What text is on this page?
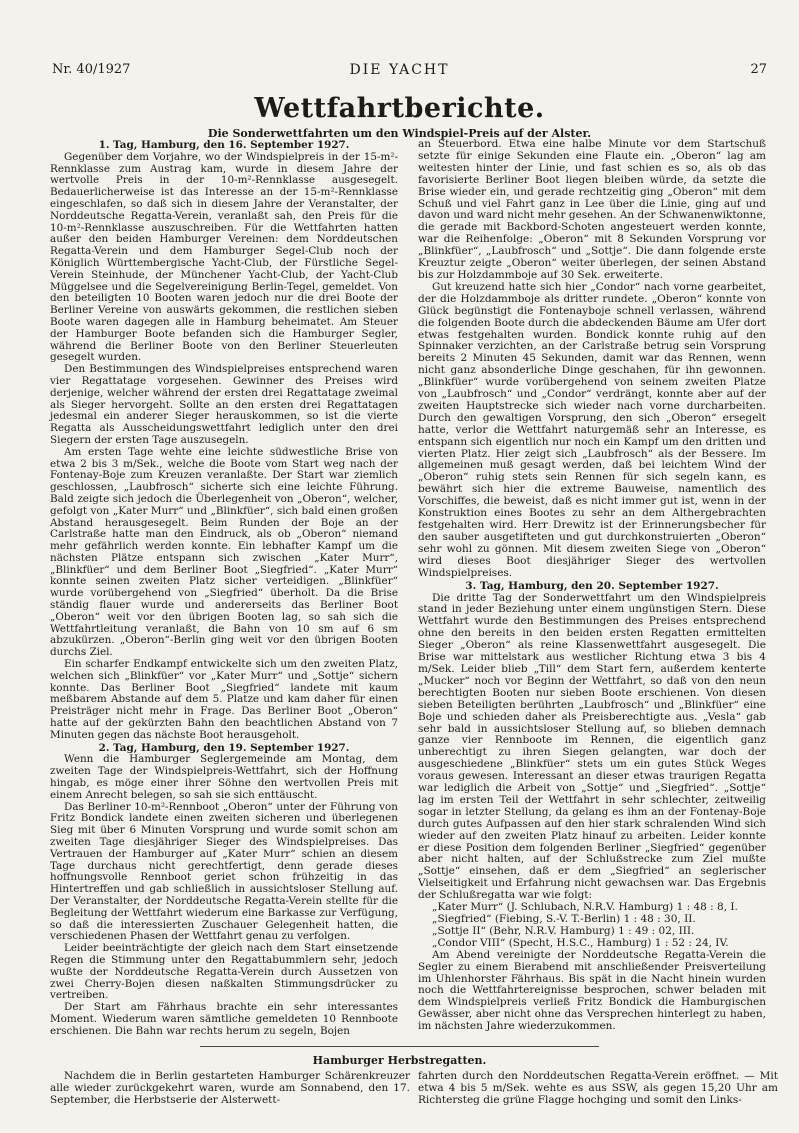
Nr. 40/1927	DIE YACHT	27
Wettfahrtberichte.
Die Sonderwettfahrten um den Windspiel-Preis auf der Alster.
1. Tag, Hamburg, den 16. September 1927.

Gegenüber dem Vorjahre, wo der Windspielpreis in der 15-m²-Rennklasse zum Austrag kam, wurde in diesem Jahre der wertvolle Preis in der 10-m²-Rennklasse ausgesegelt. Bedauerlicherweise ist das Interesse an der 15-m²-Rennklasse eingeschlafen, so daß sich in diesem Jahre der Veranstalter, der Norddeutsche Regatta-Verein, veranlaßt sah, den Preis für die 10-m²-Rennklasse auszuschreiben. Für die Wettfahrten hatten außer den beiden Hamburger Vereinen: dem Norddeutschen Regatta-Verein und dem Hamburger Segel-Club noch der Königlich Württembergische Yacht-Club, der Fürstliche Segel-Verein Steinhude, der Münchener Yacht-Club, der Yacht-Club Müggelsee und die Segelvereinigung Berlin-Tegel, gemeldet. Von den beteiligten 10 Booten waren jedoch nur die drei Boote der Berliner Vereine von auswärts gekommen, die restlichen sieben Boote waren dagegen alle in Hamburg beheimatet. Am Steuer der Hamburger Boote befanden sich die Hamburger Segler, während die Berliner Boote von den Berliner Steuerleuten gesegelt wurden.

Den Bestimmungen des Windspielpreises entsprechend waren vier Regattatage vorgesehen. Gewinner des Preises wird derjenige, welcher während der ersten drei Regattatage zweimal als Sieger hervorgeht. Sollte an den ersten drei Regattatagen jedesmal ein anderer Sieger herauskommen, so ist die vierte Regatta als Ausscheidungswettfahrt lediglich unter den drei Siegern der ersten Tage auszusegeln.

Am ersten Tage wehte eine leichte südwestliche Brise von etwa 2 bis 3 m/Sek., welche die Boote vom Start weg nach der Fontenay-Boje zum Kreuzen veranlaßte. Der Start war ziemlich geschlossen, „Laubfrosch“ sicherte sich eine leichte Führung. Bald zeigte sich jedoch die Überlegenheit von „Oberon“, welcher, gefolgt von „Kater Murr“ und „Blinkfüer“, sich bald einen großen Abstand herausgesegelt. Beim Runden der Boje an der Carlstraße hatte man den Eindruck, als ob „Oberon“ niemand mehr gefährlich werden konnte. Ein lebhafter Kampf um die nächsten Plätze entspann sich zwischen „Kater Murr“, „Blinkfüer“ und dem Berliner Boot „Siegfried“. „Kater Murr“ konnte seinen zweiten Platz sicher verteidigen. „Blinkfüer“ wurde vorübergehend von „Siegfried“ überholt. Da die Brise ständig flauer wurde und andererseits das Berliner Boot „Oberon“ weit vor den übrigen Booten lag, so sah sich die Wettfahrtleitung veranlaßt, die Bahn von 10 sm auf 6 sm abzukürzen. „Oberon“-Berlin ging weit vor den übrigen Booten durchs Ziel.

Ein scharfer Endkampf entwickelte sich um den zweiten Platz, welchen sich „Blinkfüer“ vor „Kater Murr“ und „Sottje“ sichern konnte. Das Berliner Boot „Siegfried“ landete mit kaum meßbarem Abstande auf dem 5. Platze und kam daher für einen Preisträger nicht mehr in Frage. Das Berliner Boot „Oberon“ hatte auf der gekürzten Bahn den beachtlichen Abstand von 7 Minuten gegen das nächste Boot herausgeholt.

2. Tag, Hamburg, den 19. September 1927.

Wenn die Hamburger Seglergemeinde am Montag, dem zweiten Tage der Windspielpreis-Wettfahrt, sich der Hoffnung hingab, es möge einer ihrer Söhne den wertvollen Preis mit einem Anrecht belegen, so sah sie sich enttäuscht.

Das Berliner 10-m²-Rennboot „Oberon“ unter der Führung von Fritz Bondick landete einen zweiten sicheren und überlegenen Sieg mit über 6 Minuten Vorsprung und wurde somit schon am zweiten Tage diesjähriger Sieger des Windspielpreises. Das Vertrauen der Hamburger auf „Kater Murr“ schien an diesem Tage durchaus nicht gerechtfertigt, denn gerade dieses hoffnungsvolle Rennboot geriet schon frühzeitig in das Hintertreffen und gab schließlich in aussichtsloser Stellung auf. Der Veranstalter, der Norddeutsche Regatta-Verein stellte für die Begleitung der Wettfahrt wiederum eine Barkasse zur Verfügung, so daß die interessierten Zuschauer Gelegenheit hatten, die verschiedenen Phasen der Wettfahrt genau zu verfolgen.

Leider beeinträchtigte der gleich nach dem Start einsetzende Regen die Stimmung unter den Regattabummlern sehr, jedoch wußte der Norddeutsche Regatta-Verein durch Aussetzen von zwei Cherry-Bojen diesen naßkalten Stimmungsdrücker zu vertreiben.

Der Start am Fährhaus brachte ein sehr interessantes Moment. Wiederum waren sämtliche gemeldeten 10 Rennboote erschienen. Die Bahn war rechts herum zu segeln, Bojen

an Steuerbord. Etwa eine halbe Minute vor dem Startschuß setzte für einige Sekunden eine Flaute ein. „Oberon“ lag am weitesten hinter der Linie, und fast schien es so, als ob das favorisierte Berliner Boot liegen bleiben würde, da setzte die Brise wieder ein, und gerade rechtzeitig ging „Oberon“ mit dem Schuß und viel Fahrt ganz in Lee über die Linie, ging auf und davon und ward nicht mehr gesehen. An der Schwanenwiktonne, die gerade mit Backbord-Schoten angesteuert werden konnte, war die Reihenfolge: „Oberon“ mit 8 Sekunden Vorsprung vor „Blinkfüer“, „Laubfrosch“ und „Sottje“. Die dann folgende erste Kreuztur zeigte „Oberon“ weiter überlegen, der seinen Abstand bis zur Holzdammboje auf 30 Sek. erweiterte.

Gut kreuzend hatte sich hier „Condor“ nach vorne gearbeitet, der die Holzdammboje als dritter rundete. „Oberon“ konnte von Glück begünstigt die Fontenayboje schnell verlassen, während die folgenden Boote durch die abdeckenden Bäume am Ufer dort etwas festgehalten wurden. Bondick konnte ruhig auf den Spinnaker verzichten, an der Carlstraße betrug sein Vorsprung bereits 2 Minuten 45 Sekunden, damit war das Rennen, wenn nicht ganz absonderliche Dinge geschahen, für ihn gewonnen. „Blinkfüer“ wurde vorübergehend von seinem zweiten Platze von „Laubfrosch“ und „Condor“ verdrängt, konnte aber auf der zweiten Hauptstrecke sich wieder nach vorne durcharbeiten. Durch den gewaltigen Vorsprung, den sich „Oberon“ ersegelt hatte, verlor die Wettfahrt naturgemäß sehr an Interesse, es entspann sich eigentlich nur noch ein Kampf um den dritten und vierten Platz. Hier zeigt sich „Laubfrosch“ als der Bessere. Im allgemeinen muß gesagt werden, daß bei leichtem Wind der „Oberon“ ruhig stets sein Rennen für sich segeln kann, es bewährt sich hier die extreme Bauweise, namentlich des Vorschiffes, die beweist, daß es nicht immer gut ist, wenn in der Konstruktion eines Bootes zu sehr an dem Althergebrachten festgehalten wird. Herr Drewitz ist der Erinnerungsbecher für den sauber ausgetifteten und gut durchkonstruierten „Oberon“ sehr wohl zu gönnen. Mit diesem zweiten Siege von „Oberon“ wird dieses Boot diesjähriger Sieger des wertvollen Windspielpreises.

3. Tag, Hamburg, den 20. September 1927.

Die dritte Tag der Sonderwettfahrt um den Windspielpreis stand in jeder Beziehung unter einem ungünstigen Stern. Diese Wettfahrt wurde den Bestimmungen des Preises entsprechend ohne den bereits in den beiden ersten Regatten ermittelten Sieger „Oberon“ als reine Klassenwettfahrt ausgesegelt. Die Brise war mittelstark aus westlicher Richtung etwa 3 bis 4 m/Sek. Leider blieb „Till“ dem Start fern, außerdem kenterte „Mucker“ noch vor Beginn der Wettfahrt, so daß von den neun berechtigten Booten nur sieben Boote erschienen. Von diesen sieben Beteiligten berührten „Laubfrosch“ und „Blinkfüer“ eine Boje und schieden daher als Preisberechtigte aus. „Vesla“ gab sehr bald in aussichtsloser Stellung auf, so blieben demnach ganze vier Rennboote im Rennen, die eigentlich ganz unberechtigt zu ihren Siegen gelangten, war doch der ausgeschiedene „Blinkfüer“ stets um ein gutes Stück Weges voraus gewesen. Interessant an dieser etwas traurigen Regatta war lediglich die Arbeit von „Sottje“ und „Siegfried“. „Sottje“ lag im ersten Teil der Wettfahrt in sehr schlechter, zeitweilig sogar in letzter Stellung, da gelang es ihm an der Fontenay-Boje durch gutes Aufpassen auf den hier stark schralenden Wind sich wieder auf den zweiten Platz hinauf zu arbeiten. Leider konnte er diese Position dem folgenden Berliner „Siegfried“ gegenüber aber nicht halten, auf der Schlußstrecke zum Ziel mußte „Sottje“ einsehen, daß er dem „Siegfried“ an seglerischer Vielseitigkeit und Erfahrung nicht gewachsen war. Das Ergebnis der Schlußregatta war wie folgt:

„Kater Murr“ (J. Schlubach, N.R.V. Hamburg) 1 : 48 : 8, I.
„Siegfried“ (Fiebing, S.-V. T.-Berlin) 1 : 48 : 30, II.
„Sottje II“ (Behr, N.R.V. Hamburg) 1 : 49 : 02, III.
„Condor VIII“ (Specht, H.S.C., Hamburg) 1 : 52 : 24, IV.

Am Abend vereinigte der Norddeutsche Regatta-Verein die Segler zu einem Bierabend mit anschließender Preisverteilung im Uhlenhorster Fährhaus. Bis spät in die Nacht hinein wurden noch die Wettfahrtereignisse besprochen, schwer beladen mit dem Windspielpreis verließ Fritz Bondick die Hamburgischen Gewässer, aber nicht ohne das Versprechen hinterlegt zu haben, im nächsten Jahre wiederzukommen.

Hamburger Herbstregatten.

Nachdem die in Berlin gestarteten Hamburger Schärenkreuzer alle wieder zurückgekehrt waren, wurde am Sonnabend, den 17. September, die Herbstserie der Alsterwett-

fahrten durch den Norddeutschen Regatta-Verein eröffnet. — Mit etwa 4 bis 5 m/Sek. wehte es aus SSW, als gegen 15,20 Uhr am Richtersteg die grüne Flagge hochging und somit den Links-
